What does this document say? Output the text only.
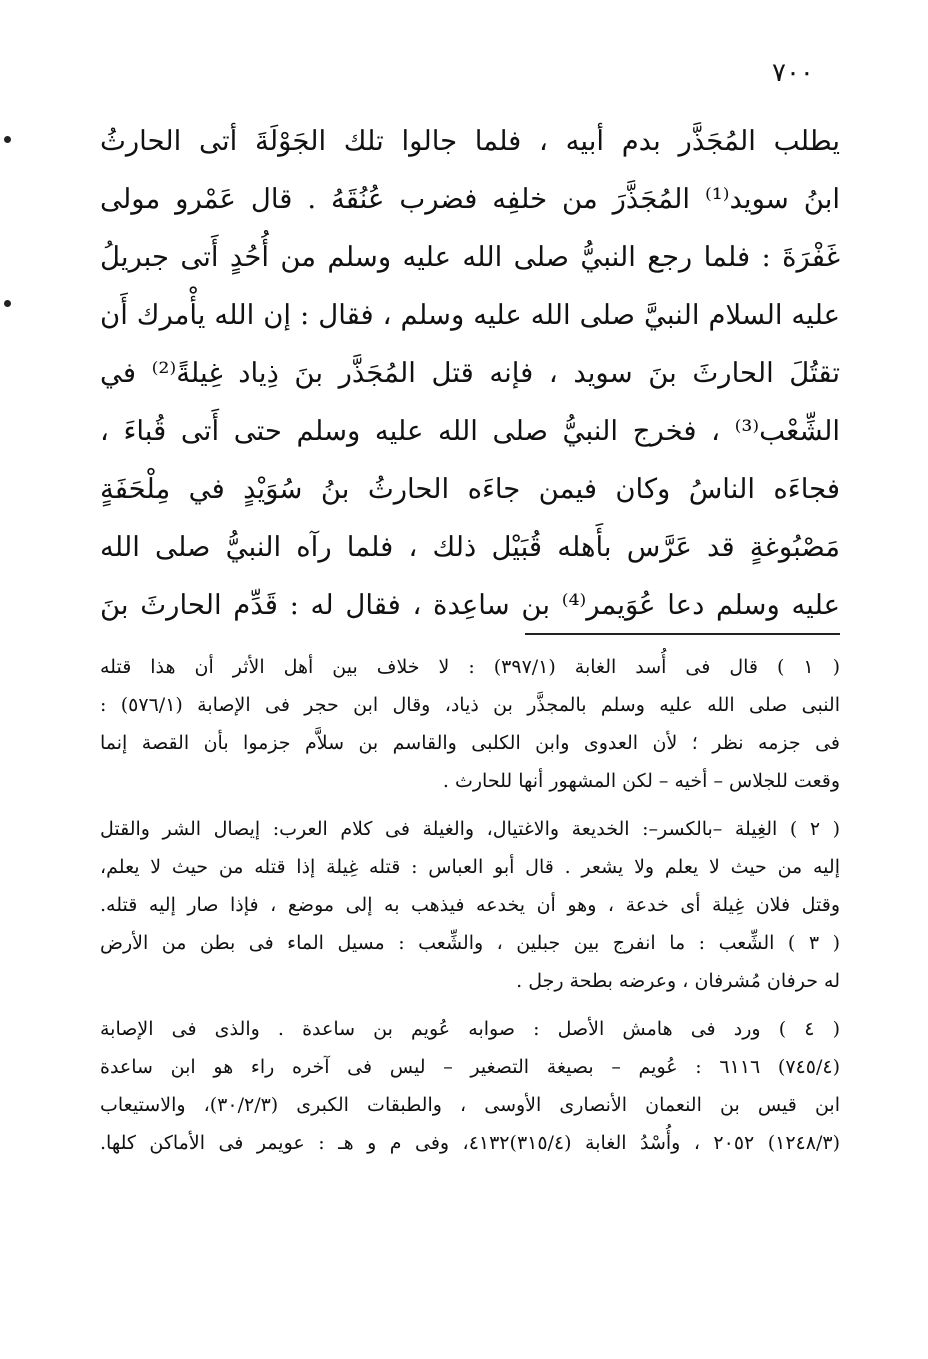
٧٠٠
يطلب المُجَذَّر بدم أبيه ، فلما جالوا تلك الجَوْلَةَ أتى الحارثُ
ابنُ سويد⁽¹⁾ المُجَذَّرَ من خلفِه فضرب عُنُقَهُ . قال عَمْرو مولى
غَفْرَةَ : فلما رجع النبيُّ صلى الله عليه وسلم من أُحُدٍ أَتى جبريلُ
عليه السلام النبيَّ صلى الله عليه وسلم ، فقال : إن الله يأْمرك أَن
تقتُلَ الحارثَ بنَ سويد ، فإنه قتل المُجَذَّر بنَ ذِياد غِيلةً⁽²⁾ في
الشِّعْب⁽³⁾ ، فخرج النبيُّ صلى الله عليه وسلم حتى أَتى قُباءَ ،
فجاءَه الناسُ وكان فيمن جاءَه الحارثُ بنُ سُوَيْدٍ في مِلْحَفَةٍ
مَصْبُوغةٍ قد عَرَّس بأَهله قُبَيْل ذلك ، فلما رآه النبيُّ صلى الله
عليه وسلم دعا عُوَيمر⁽⁴⁾ بن ساعِدة ، فقال له : قَدِّم الحارثَ بنَ
( ١ ) قال فى أُسد الغابة (٣٩٧/١) : لا خلاف بين أهل الأثر أن هذا قتله
النبى صلى الله عليه وسلم بالمجذَّر بن ذياد، وقال ابن حجر فى الإصابة (٥٧٦/١) :
فى جزمه نظر ؛ لأن العدوى وابن الكلبى والقاسم بن سلاَّم جزموا بأن القصة إنما
وقعت للجلاس – أخيه – لكن المشهور أنها للحارث .
( ٢ ) الغِيلة –بالكسر–: الخديعة والاغتيال، والغيلة فى كلام العرب: إيصال الشر والقتل
إليه من حيث لا يعلم ولا يشعر . قال أبو العباس : قتله غِيلة إذا قتله من حيث لا يعلم،
وقتل فلان غِيلة أى خدعة ، وهو أن يخدعه فيذهب به إلى موضع ، فإذا صار إليه قتله.
( ٣ ) الشِّعب : ما انفرج بين جبلين ، والشِّعب : مسيل الماء فى بطن من الأرض
له حرفان مُشرفان ، وعرضه بطحة رجل .
( ٤ ) ورد فى هامش الأصل : صوابه عُويم بن ساعدة . والذى فى الإصابة
(٧٤٥/٤) ٦١١٦ : عُويم – بصيغة التصغير – ليس فى آخره راء هو ابن ساعدة
ابن قيس بن النعمان الأنصارى الأوسى ، والطبقات الكبرى (٣٠/٢/٣)، والاستيعاب
(١٢٤٨/٣) ٢٠٥٢ ، وأُسْدُ الغابة (٣١٥/٤)٤١٣٢، وفى م و هـ : عويمر فى الأماكن كلها.
